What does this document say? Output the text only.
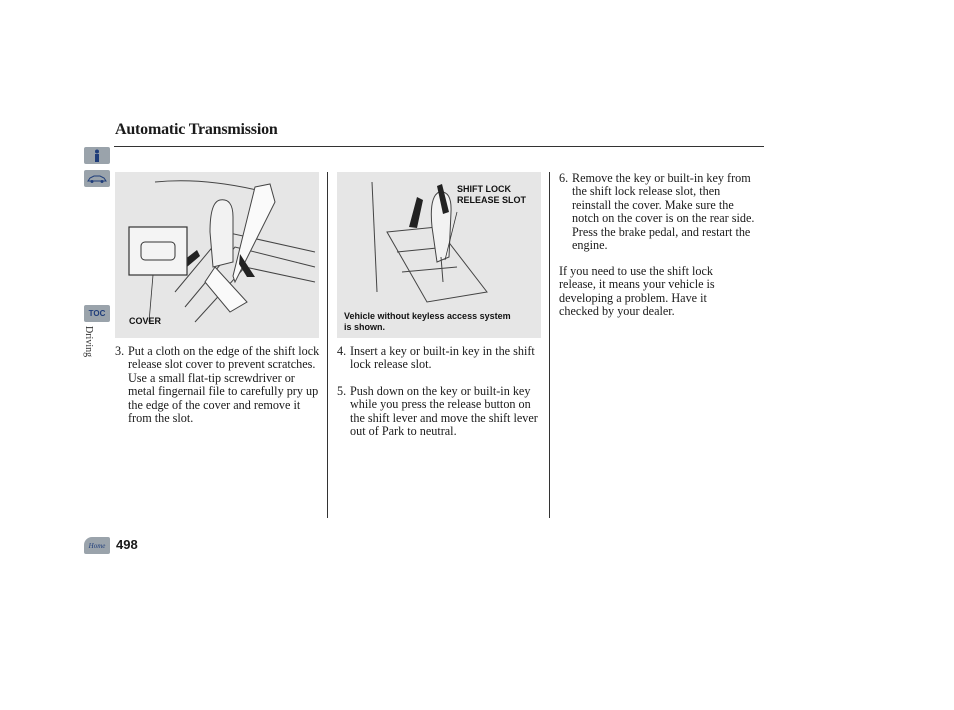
Automatic Transmission
TOC
Driving
Home
COVER
SHIFT LOCK
RELEASE SLOT
Vehicle without keyless access system
is shown.
3. Put a cloth on the edge of the shift lock release slot cover to prevent scratches. Use a small flat-tip screwdriver or metal fingernail file to carefully pry up the edge of the cover and remove it from the slot.
4. Insert a key or built-in key in the shift lock release slot.
5. Push down on the key or built-in key while you press the release button on the shift lever and move the shift lever out of Park to neutral.
6. Remove the key or built-in key from the shift lock release slot, then reinstall the cover. Make sure the notch on the cover is on the rear side. Press the brake pedal, and restart the engine.
If you need to use the shift lock release, it means your vehicle is developing a problem. Have it checked by your dealer.
498
